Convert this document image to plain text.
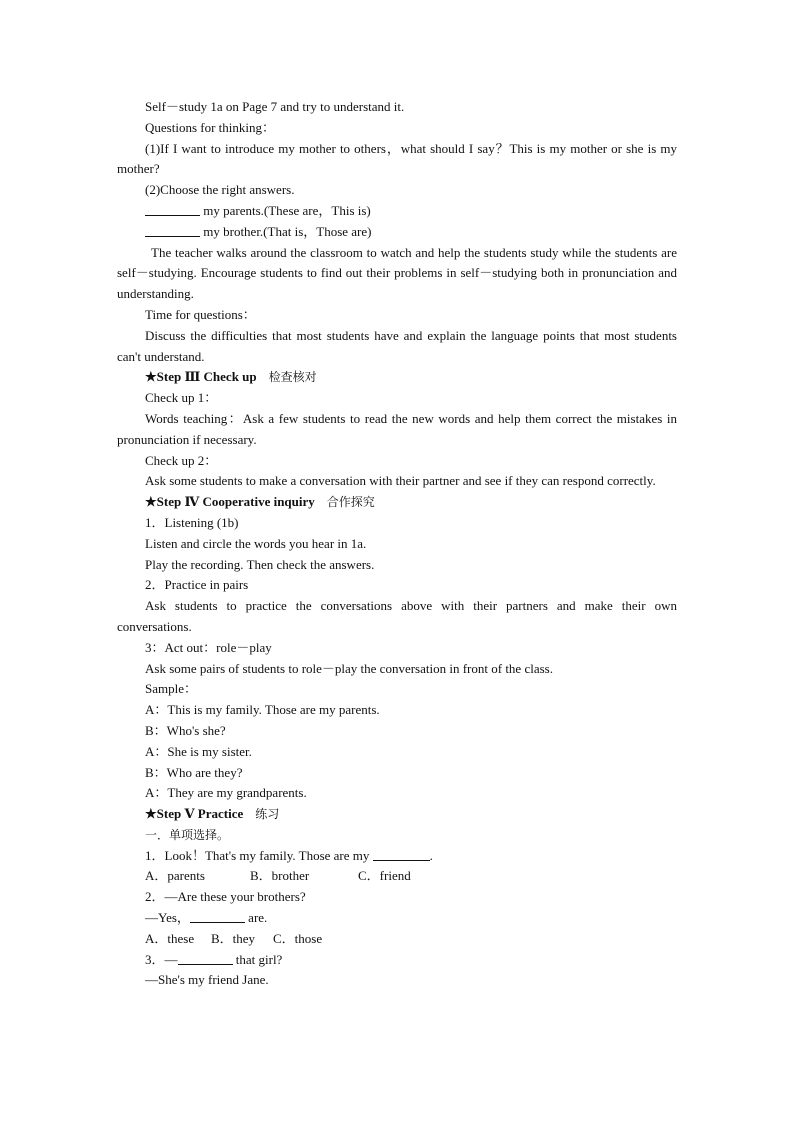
Self－study 1a on Page 7 and try to understand it.
Questions for thinking：
(1)If I want to introduce my mother to others，what should I say？This is my mother or she is my mother?
(2)Choose the right answers.
my parents.(These are，This is)
my brother.(That is，Those are)
The teacher walks around the classroom to watch and help the students study while the students are self－studying. Encourage students to find out their problems in self－studying both in pronunciation and understanding.
Time for questions：
Discuss the difficulties that most students have and explain the language points that most students can't understand.
★Step Ⅲ Check up 检查核对
Check up 1：
Words teaching：Ask a few students to read the new words and help them correct the mistakes in pronunciation if necessary.
Check up 2：
Ask some students to make a conversation with their partner and see if they can respond correctly.
★Step Ⅳ Cooperative inquiry 合作探究
1．Listening (1b)
Listen and circle the words you hear in 1a.
Play the recording. Then check the answers.
2．Practice in pairs
Ask students to practice the conversations above with their partners and make their own conversations.
3：Act out：role－play
Ask some pairs of students to role－play the conversation in front of the class.
Sample：
A：This is my family. Those are my parents.
B：Who's she?
A：She is my sister.
B：Who are they?
A：They are my grandparents.
★Step Ⅴ Practice 练习
一．单项选择。
1．Look！That's my family. Those are my	.
A．parents	B．brother	C．friend
2．—Are these your brothers?
—Yes，	are.
A．these B．they C．those
3．—	that girl?
—She's my friend Jane.
